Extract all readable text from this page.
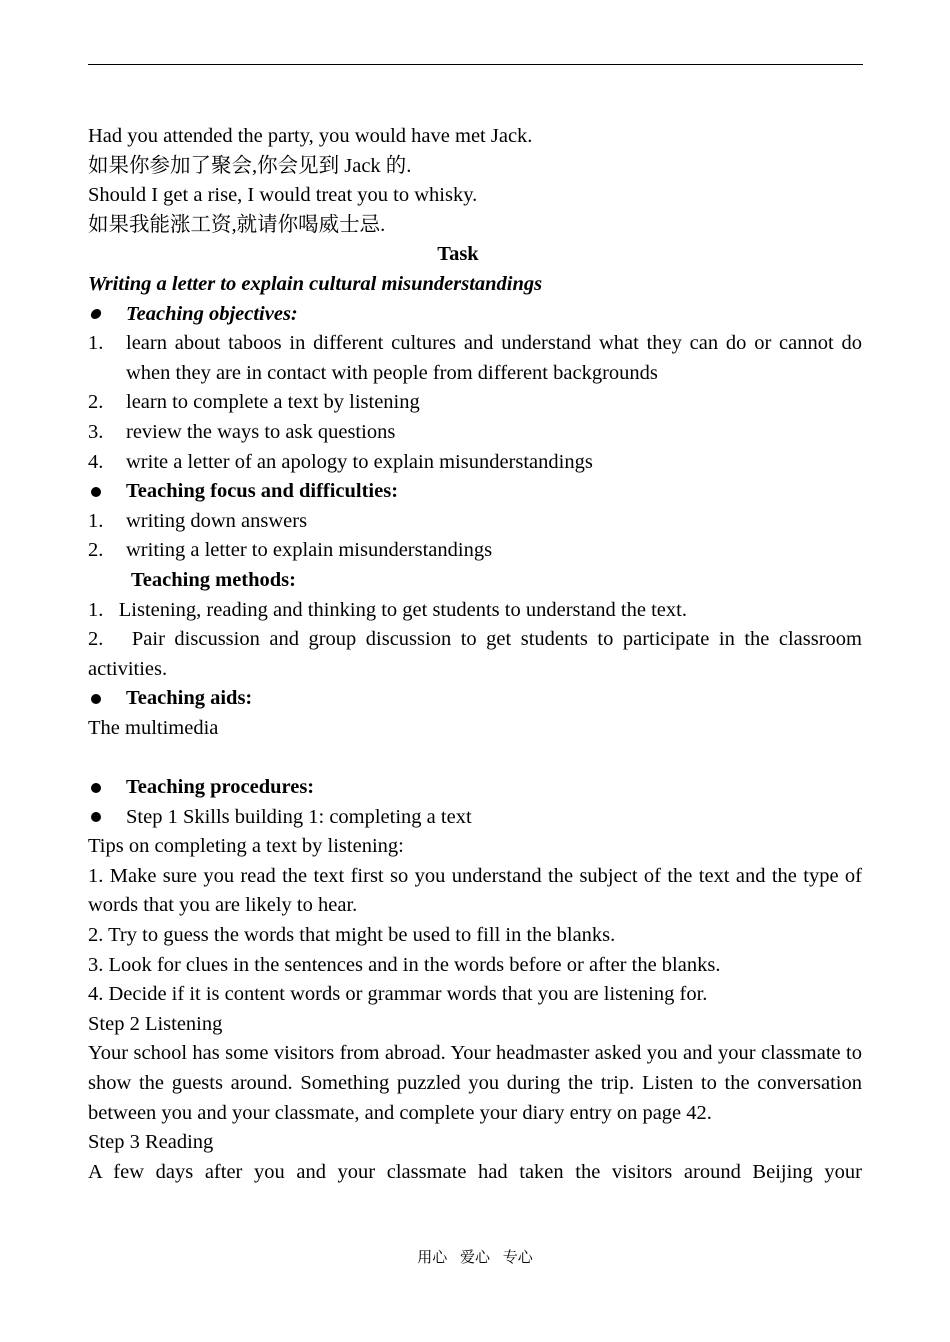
Had you attended the party, you would have met Jack.
如果你参加了聚会,你会见到 Jack 的.
Should I get a rise, I would treat you to whisky.
如果我能涨工资,就请你喝威士忌.
Task
Writing a letter to explain cultural misunderstandings
Teaching objectives:
1.	learn about taboos in different cultures and understand what they can do or cannot do when they are in contact with people from different backgrounds
2.	learn to complete a text by listening
3.	review the ways to ask questions
4.	write a letter of an apology to explain misunderstandings
Teaching focus and difficulties:
1.	writing down answers
2.	writing a letter to explain misunderstandings
Teaching methods:
1.   Listening, reading and thinking to get students to understand the text.
2.   Pair discussion and group discussion to get students to participate in the classroom activities.
Teaching aids:
The multimedia
Teaching procedures:
Step 1 Skills building 1: completing a text
Tips on completing a text by listening:
1. Make sure you read the text first so you understand the subject of the text and the type of words that you are likely to hear.
2. Try to guess the words that might be used to fill in the blanks.
3. Look for clues in the sentences and in the words before or after the blanks.
4. Decide if it is content words or grammar words that you are listening for.
Step 2 Listening
Your school has some visitors from abroad. Your headmaster asked you and your classmate to show the guests around. Something puzzled you during the trip. Listen to the conversation between you and your classmate, and complete your diary entry on page 42.
Step 3 Reading
A few days after you and your classmate had taken the visitors around Beijing your
用心 爱心 专心
